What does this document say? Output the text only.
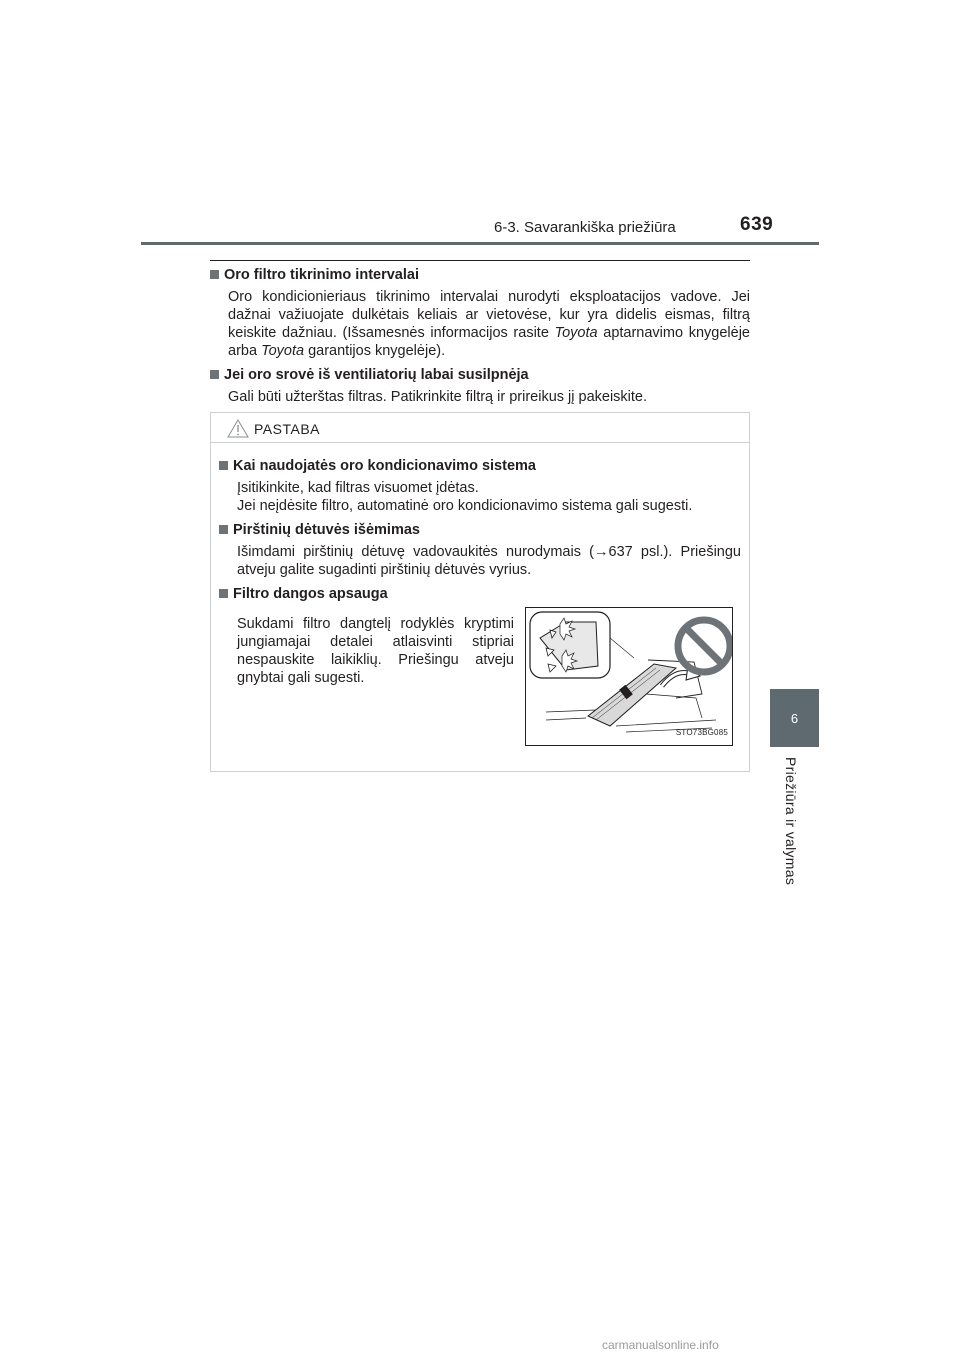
6-3. Savarankiška priežiūra	639
6
Priežiūra ir valymas

Oro filtro tikrinimo intervalai

Oro kondicionieriaus tikrinimo intervalai nurodyti eksploatacijos vadove. Jei dažnai važiuojate dulkėtais keliais ar vietovėse, kur yra didelis eismas, filtrą keiskite dažniau. (Išsamesnės informacijos rasite Toyota aptarnavimo knygelėje arba Toyota garantijos knygelėje).

Jei oro srovė iš ventiliatorių labai susilpnėja

Gali būti užterštas filtras. Patikrinkite filtrą ir prireikus jį pakeiskite.
PASTABA

Kai naudojatės oro kondicionavimo sistema

Įsitikinkite, kad filtras visuomet įdėtas.
Jei neįdėsite filtro, automatinė oro kondicionavimo sistema gali sugesti.

Pirštinių dėtuvės išėmimas

Išimdami pirštinių dėtuvę vadovaukitės nurodymais (→637 psl.). Priešingu atveju galite sugadinti pirštinių dėtuvės vyrius.

Filtro dangos apsauga

Sukdami filtro dangtelį rodyklės kryptimi jungiamajai detalei atlaisvinti stipriai nespauskite laikiklių. Priešingu atveju gnybtai gali sugesti.
STO73BG085
carmanualsonline.info
